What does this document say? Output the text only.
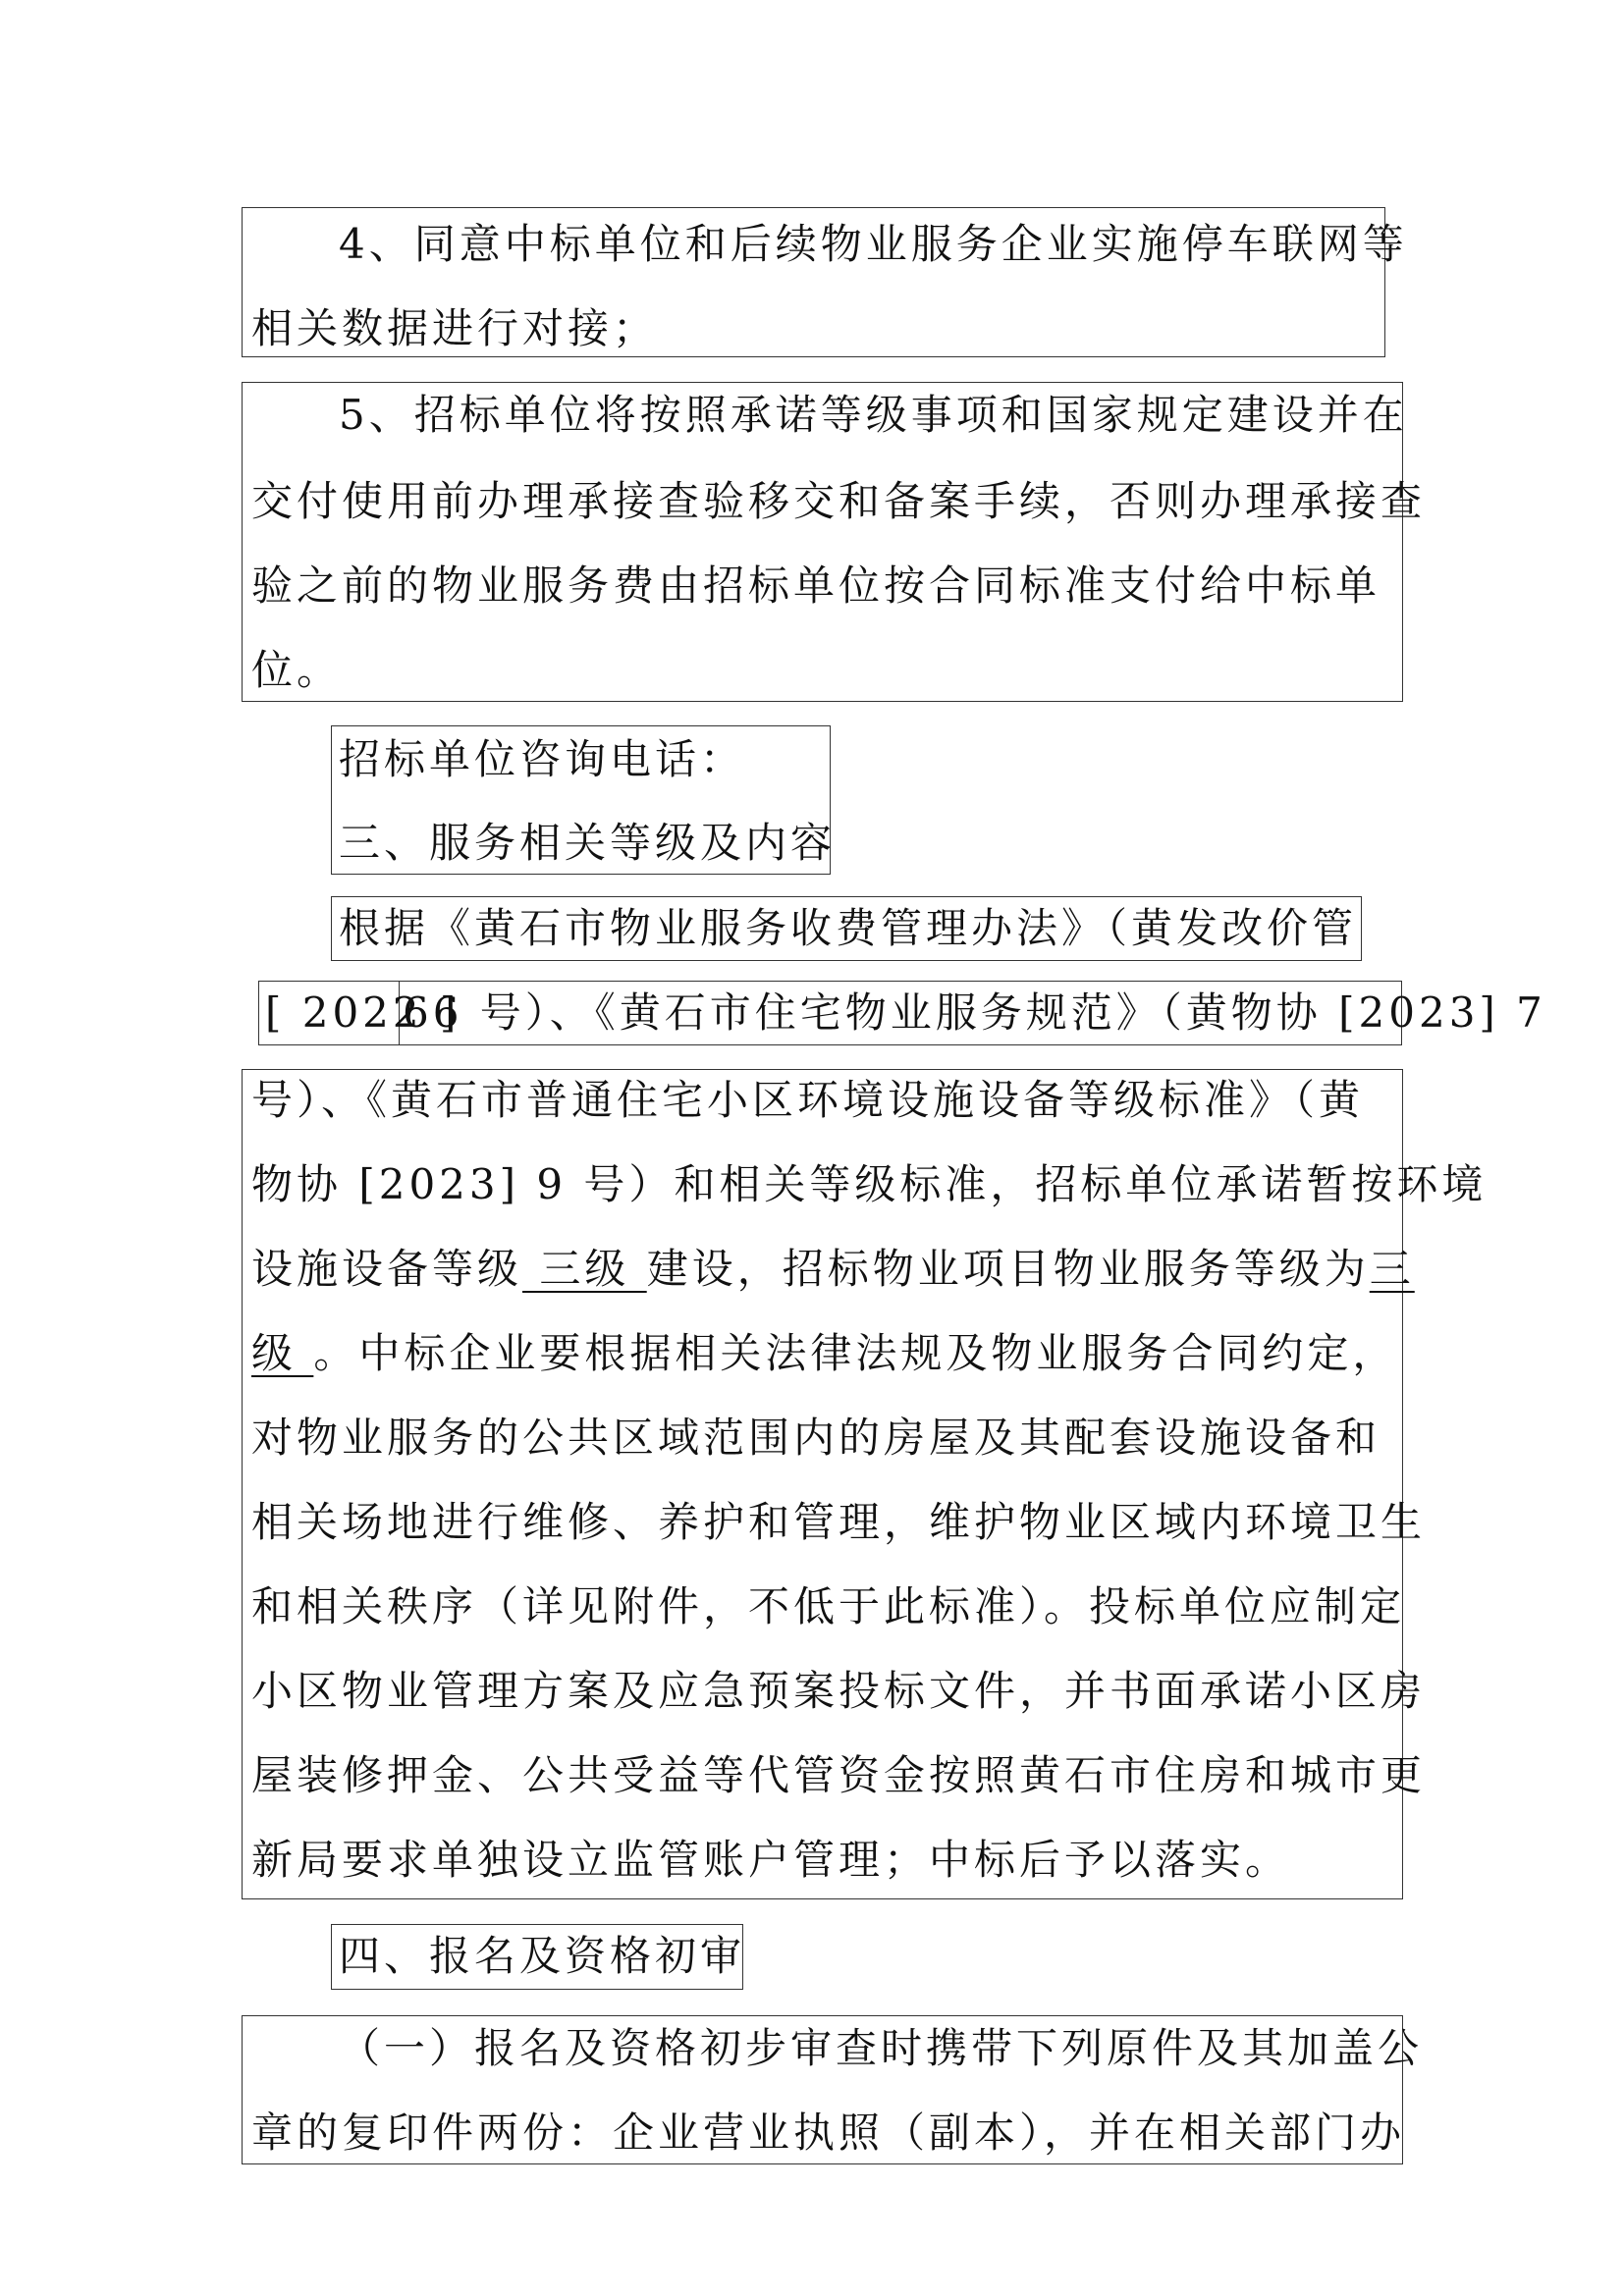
4、同意中标单位和后续物业服务企业实施停车联网等
相关数据进行对接；
5、招标单位将按照承诺等级事项和国家规定建设并在
交付使用前办理承接查验移交和备案手续，否则办理承接查
验之前的物业服务费由招标单位按合同标准支付给中标单
位。
招标单位咨询电话：
三、服务相关等级及内容
根据《黄石市物业服务收费管理办法》（黄发改价管
[ 2022 ]
66 号）、《黄石市住宅物业服务规范》（黄物协 [2023] 7
号）、《黄石市普通住宅小区环境设施设备等级标准》（黄
物协 [2023] 9 号）和相关等级标准，招标单位承诺暂按环境
设施设备等级 三级 建设，招标物业项目物业服务等级为三
级 。中标企业要根据相关法律法规及物业服务合同约定，
对物业服务的公共区域范围内的房屋及其配套设施设备和
相关场地进行维修、养护和管理，维护物业区域内环境卫生
和相关秩序（详见附件，不低于此标准）。投标单位应制定
小区物业管理方案及应急预案投标文件，并书面承诺小区房
屋装修押金、公共受益等代管资金按照黄石市住房和城市更
新局要求单独设立监管账户管理；中标后予以落实。
四、报名及资格初审
（一）报名及资格初步审查时携带下列原件及其加盖公
章的复印件两份：企业营业执照（副本），并在相关部门办
